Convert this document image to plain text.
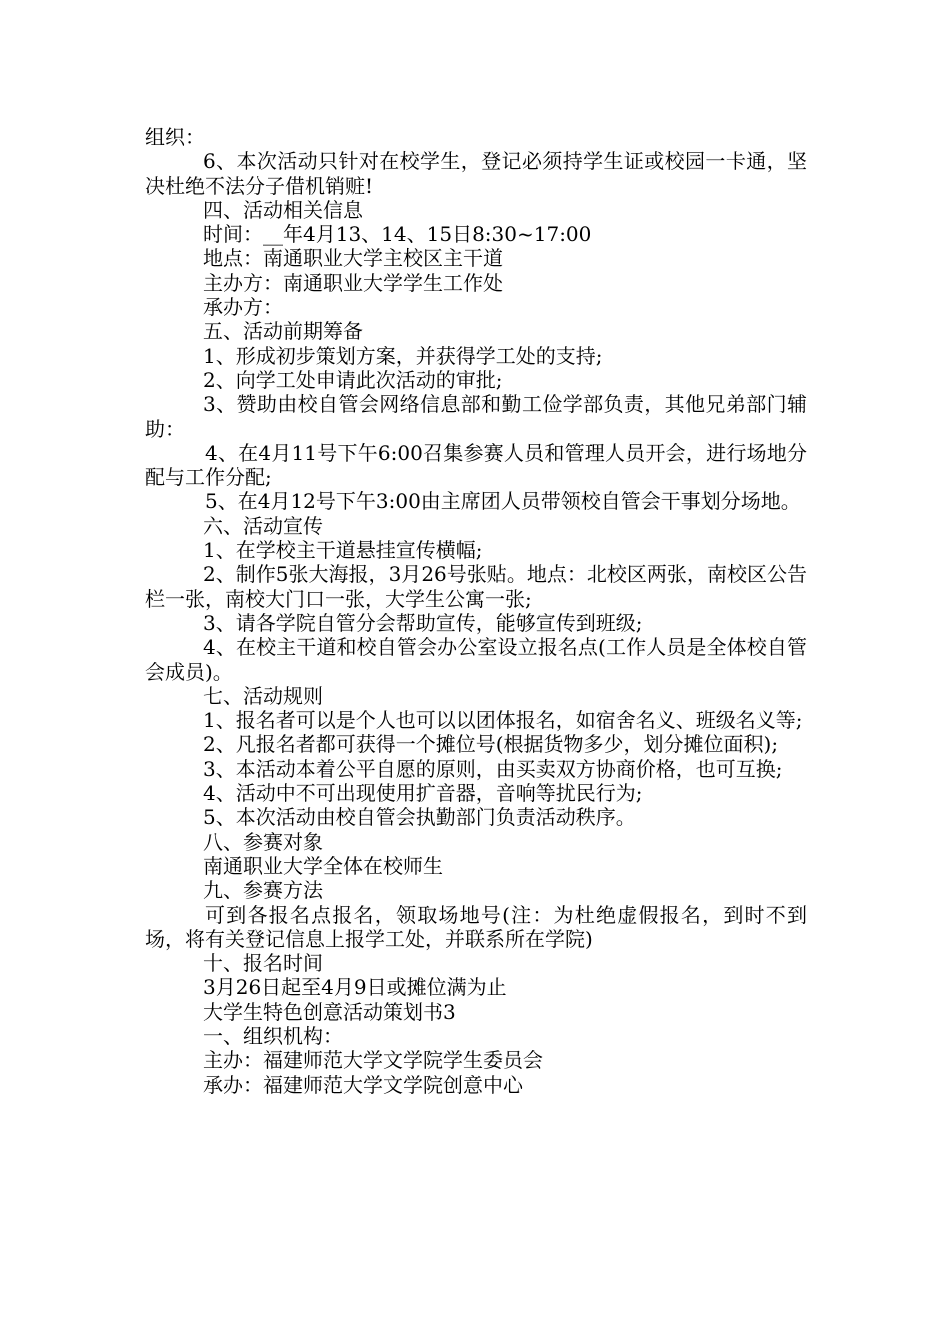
组织：

6、本次活动只针对在校学生，登记必须持学生证或校园一卡通，坚决杜绝不法分子借机销赃!

四、活动相关信息

时间：__年4月13、14、15日8:30~17:00

地点：南通职业大学主校区主干道

主办方：南通职业大学学生工作处

承办方：

五、活动前期筹备

1、形成初步策划方案，并获得学工处的支持;

2、向学工处申请此次活动的审批;

3、赞助由校自管会网络信息部和勤工俭学部负责，其他兄弟部门辅助：

4、在4月11号下午6:00召集参赛人员和管理人员开会，进行场地分配与工作分配;

5、在4月12号下午3:00由主席团人员带领校自管会干事划分场地。

六、活动宣传

1、在学校主干道悬挂宣传横幅;

2、制作5张大海报，3月26号张贴。地点：北校区两张，南校区公告栏一张，南校大门口一张，大学生公寓一张;

3、请各学院自管分会帮助宣传，能够宣传到班级;

4、在校主干道和校自管会办公室设立报名点(工作人员是全体校自管会成员)。

七、活动规则

1、报名者可以是个人也可以以团体报名，如宿舍名义、班级名义等;

2、凡报名者都可获得一个摊位号(根据货物多少，划分摊位面积);

3、本活动本着公平自愿的原则，由买卖双方协商价格，也可互换;

4、活动中不可出现使用扩音器，音响等扰民行为;

5、本次活动由校自管会执勤部门负责活动秩序。

八、参赛对象

南通职业大学全体在校师生

九、参赛方法

可到各报名点报名，领取场地号(注：为杜绝虚假报名，到时不到场，将有关登记信息上报学工处，并联系所在学院)

十、报名时间

3月26日起至4月9日或摊位满为止

大学生特色创意活动策划书3

一、组织机构：

主办：福建师范大学文学院学生委员会

承办：福建师范大学文学院创意中心
